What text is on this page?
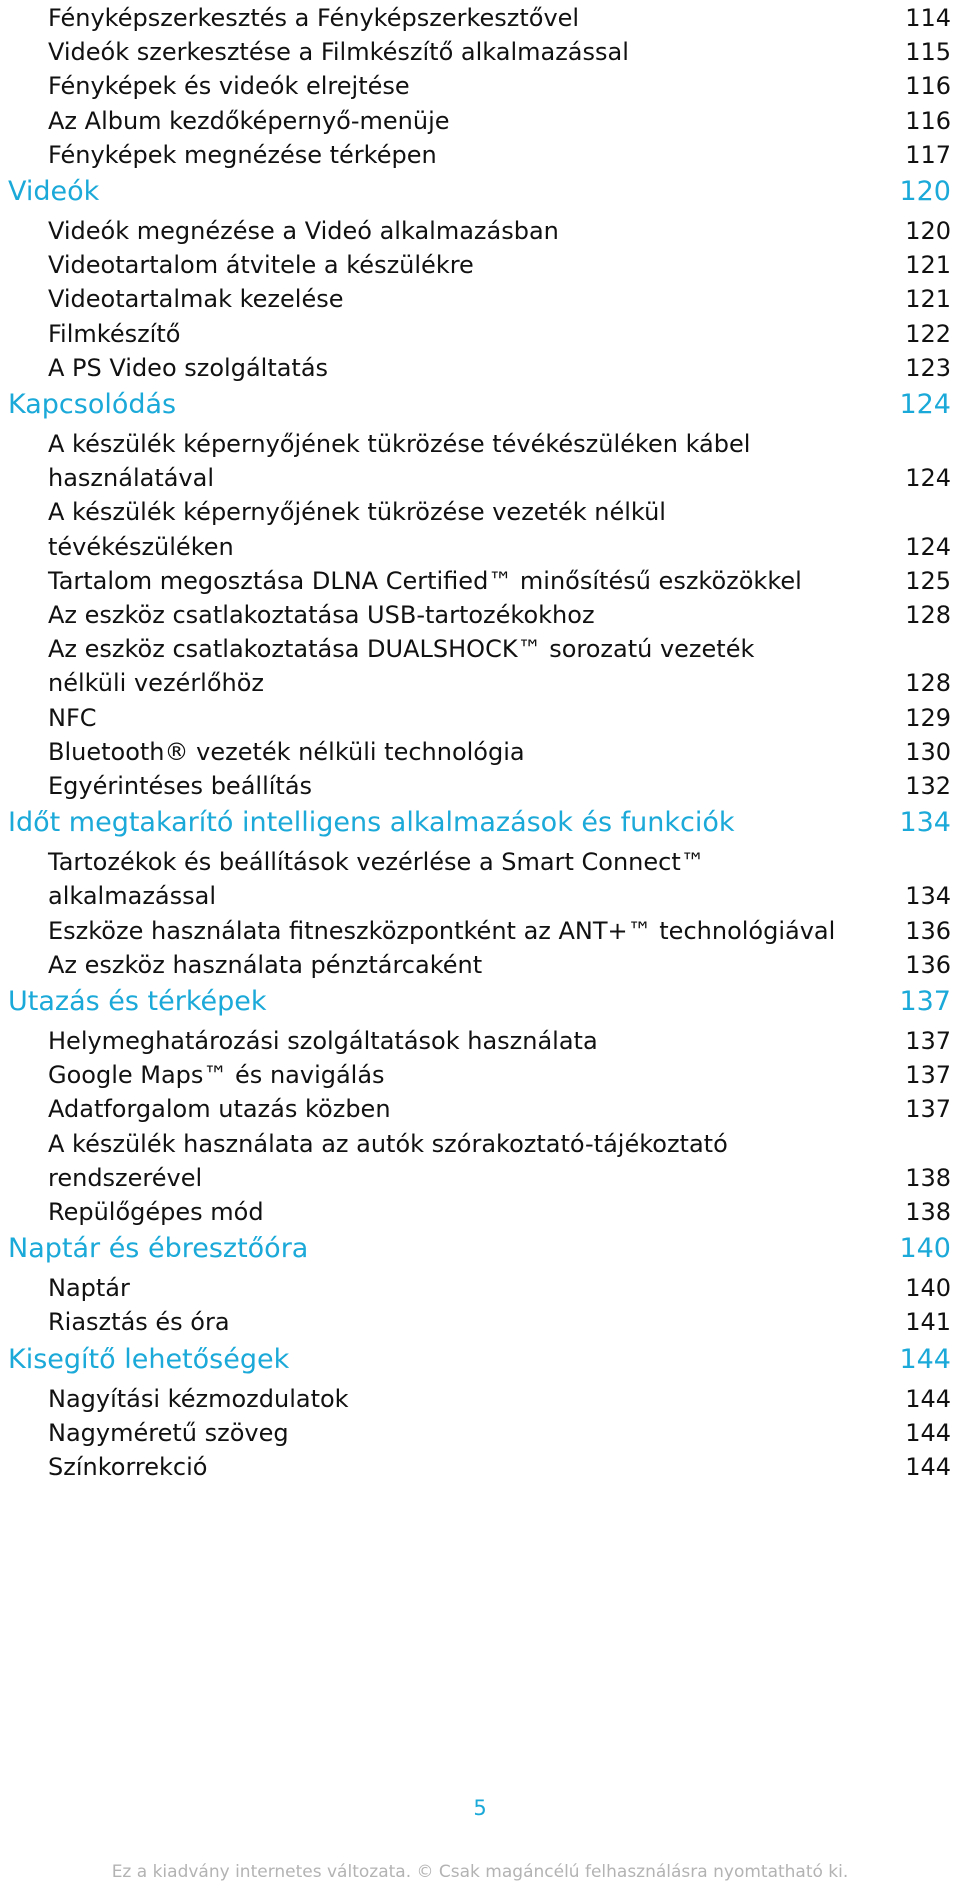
Fényképszerkesztés a Fényképszerkesztővel	114
Videók szerkesztése a Filmkészítő alkalmazással	115
Fényképek és videók elrejtése	116
Az Album kezdőképernyő-menüje	116
Fényképek megnézése térképen	117
Videók	120
Videók megnézése a Videó alkalmazásban	120
Videotartalom átvitele a készülékre	121
Videotartalmak kezelése	121
Filmkészítő	122
A PS Video szolgáltatás	123
Kapcsolódás	124
A készülék képernyőjének tükrözése tévékészüléken kábel
használatával	124
A készülék képernyőjének tükrözése vezeték nélkül
tévékészüléken	124
Tartalom megosztása DLNA Certified™ minősítésű eszközökkel	125
Az eszköz csatlakoztatása USB-tartozékokhoz	128
Az eszköz csatlakoztatása DUALSHOCK™ sorozatú vezeték
nélküli vezérlőhöz	128
NFC	129
Bluetooth® vezeték nélküli technológia	130
Egyérintéses beállítás	132
Időt megtakarító intelligens alkalmazások és funkciók	134
Tartozékok és beállítások vezérlése a Smart Connect™
alkalmazással	134
Eszköze használata fitneszközpontként az ANT+™ technológiával	136
Az eszköz használata pénztárcaként	136
Utazás és térképek	137
Helymeghatározási szolgáltatások használata	137
Google Maps™ és navigálás	137
Adatforgalom utazás közben	137
A készülék használata az autók szórakoztató-tájékoztató
rendszerével	138
Repülőgépes mód	138
Naptár és ébresztőóra	140
Naptár	140
Riasztás és óra	141
Kisegítő lehetőségek	144
Nagyítási kézmozdulatok	144
Nagyméretű szöveg	144
Színkorrekció	144
5
Ez a kiadvány internetes változata. © Csak magáncélú felhasználásra nyomtatható ki.
